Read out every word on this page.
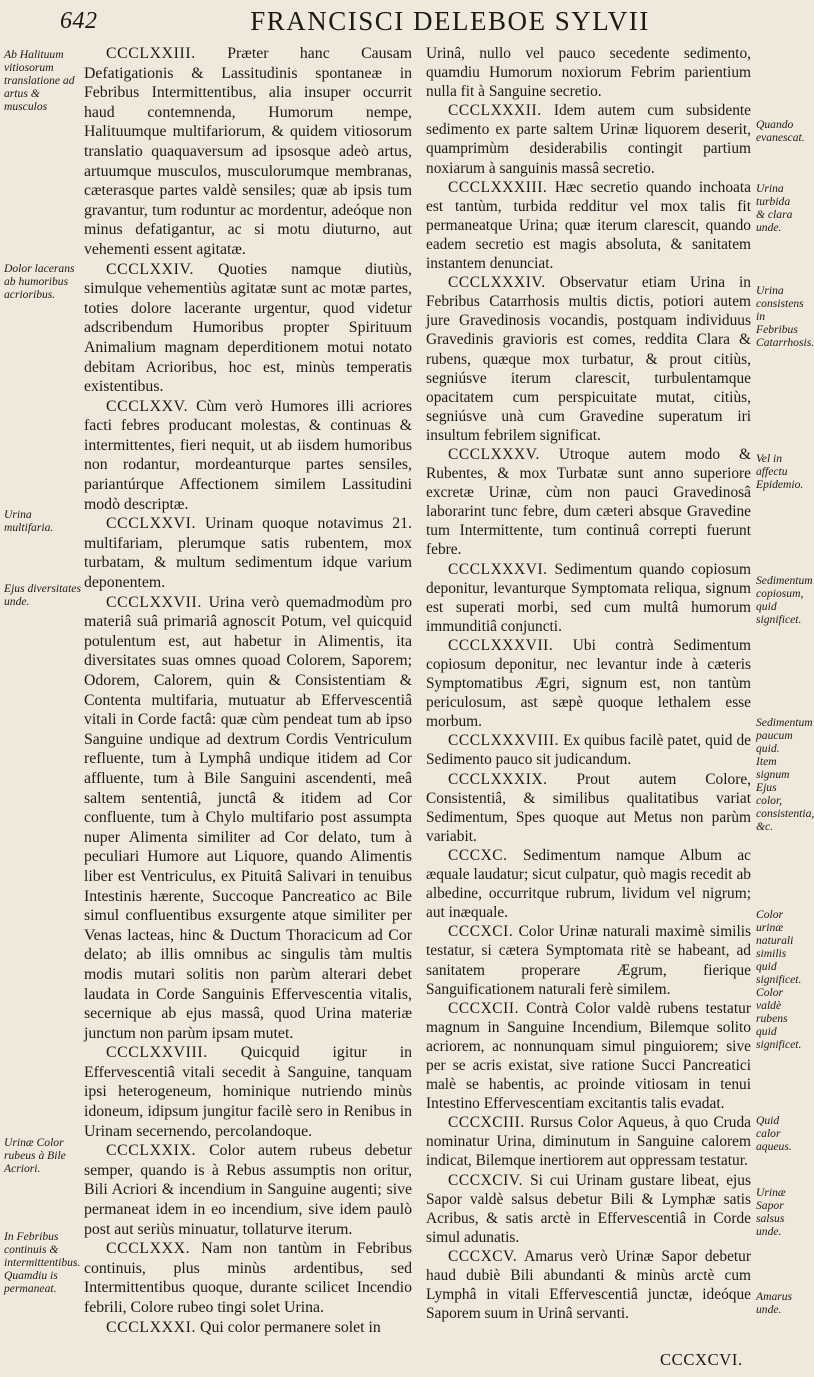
642	FRANCISCI DELEBOE SYLVII

CCCLXXIII. Præter hanc Causam Defatigationis & Lassitudinis spontaneæ in Febribus Intermittentibus, alia insuper occurrit haud contemnenda, Humorum nempe, Halituumque multifariorum, & quidem vitiosorum translatio quaquaversum ad ipsosque adeò artus, artuumque musculos, musculorumque membranas, cæterasque partes valdè sensiles; quæ ab ipsis tum gravantur, tum roduntur ac mordentur, adeóque non minus defatigantur, ac si motu diuturno, aut vehementi essent agitatæ.

CCCLXXIV. Quoties namque diutiùs, simulque vehementiùs agitatæ sunt ac motæ partes, toties dolore lacerante urgentur, quod videtur adscribendum Humoribus propter Spirituum Animalium magnam deperditionem motui notato debitam Acrioribus, hoc est, minùs temperatis existentibus.

CCCLXXV. Cùm verò Humores illi acriores facti febres producant molestas, & continuas & intermittentes, fieri nequit, ut ab iisdem humoribus non rodantur, mordeanturque partes sensiles, pariantúrque Affectionem similem Lassitudini modò descriptæ.

CCCLXXVI. Urinam quoque notavimus 21. multifariam, plerumque satis rubentem, mox turbatam, & multum sedimentum idque varium deponentem.

CCCLXXVII. Urina verò quemadmodùm pro materiâ suâ primariâ agnoscit Potum, vel quicquid potulentum est, aut habetur in Alimentis, ita diversitates suas omnes quoad Colorem, Saporem; Odorem, Calorem, quin & Consistentiam & Contenta multifaria, mutuatur ab Effervescentiâ vitali in Corde factâ: quæ cùm pendeat tum ab ipso Sanguine undique ad dextrum Cordis Ventriculum refluente, tum à Lymphâ undique itidem ad Cor affluente, tum à Bile Sanguini ascendenti, meâ saltem sententiâ, junctâ & itidem ad Cor confluente, tum à Chylo multifario post assumpta nuper Alimenta similiter ad Cor delato, tum à peculiari Humore aut Liquore, quando Alimentis liber est Ventriculus, ex Pituitâ Salivari in tenuibus Intestinis hærente, Succoque Pancreatico ac Bile simul confluentibus exsurgente atque similiter per Venas lacteas, hinc & Ductum Thoracicum ad Cor delato; ab illis omnibus ac singulis tàm multis modis mutari solitis non parùm alterari debet laudata in Corde Sanguinis Effervescentia vitalis, secernique ab ejus massâ, quod Urina materiæ junctum non parùm ipsam mutet.

CCCLXXVIII. Quicquid igitur in Effervescentiâ vitali secedit à Sanguine, tanquam ipsi heterogeneum, hominique nutriendo minùs idoneum, idipsum jungitur facilè sero in Renibus in Urinam secernendo, percolandoque.

CCCLXXIX. Color autem rubeus debetur semper, quando is à Rebus assumptis non oritur, Bili Acriori & incendium in Sanguine augenti; sive permaneat idem in eo incendium, sive idem paulò post aut seriùs minuatur, tollaturve iterum.

CCCLXXX. Nam non tantùm in Febribus continuis, plus minùs ardentibus, sed Intermittentibus quoque, durante scilicet Incendio febrili, Colore rubeo tingi solet Urina.

CCCLXXXI. Qui color permanere solet in

Urinâ, nullo vel pauco secedente sedimento, quamdiu Humorum noxiorum Febrim parientium nulla fit à Sanguine secretio.

CCCLXXXII. Idem autem cum subsidente sedimento ex parte saltem Urinæ liquorem deserit, quamprimùm desiderabilis contingit partium noxiarum à sanguinis massâ secretio.

CCCLXXXIII. Hæc secretio quando inchoata est tantùm, turbida redditur vel mox talis fit permaneatque Urina; quæ iterum clarescit, quando eadem secretio est magis absoluta, & sanitatem instantem denunciat.

CCCLXXXIV. Observatur etiam Urina in Febribus Catarrhosis multis dictis, potiori autem jure Gravedinosis vocandis, postquam individuus Gravedinis gravioris est comes, reddita Clara & rubens, quæque mox turbatur, & prout citiùs, segniúsve iterum clarescit, turbulentamque opacitatem cum perspicuitate mutat, citiùs, segniúsve unà cum Gravedine superatum iri insultum febrilem significat.

CCCLXXXV. Utroque autem modo & Rubentes, & mox Turbatæ sunt anno superiore excretæ Urinæ, cùm non pauci Gravedinosâ laborarint tunc febre, dum cæteri absque Gravedine tum Intermittente, tum continuâ correpti fuerunt febre.

CCCLXXXVI. Sedimentum quando copiosum deponitur, levanturque Symptomata reliqua, signum est superati morbi, sed cum multâ humorum immunditiâ conjuncti.

CCCLXXXVII. Ubi contrà Sedimentum copiosum deponitur, nec levantur inde à cæteris Symptomatibus Ægri, signum est, non tantùm periculosum, ast sæpè quoque lethalem esse morbum.

CCCLXXXVIII. Ex quibus facilè patet, quid de Sedimento pauco sit judicandum.

CCCLXXXIX. Prout autem Colore, Consistentiâ, & similibus qualitatibus variat Sedimentum, Spes quoque aut Metus non parùm variabit.

CCCXC. Sedimentum namque Album ac æquale laudatur; sicut culpatur, quò magis recedit ab albedine, occurritque rubrum, lividum vel nigrum; aut inæquale.

CCCXCI. Color Urinæ naturali maximè similis testatur, si cætera Symptomata ritè se habeant, ad sanitatem properare Ægrum, fierique Sanguificationem naturali ferè similem.

CCCXCII. Contrà Color valdè rubens testatur magnum in Sanguine Incendium, Bilemque solito acriorem, ac nonnunquam simul pinguiorem; sive per se acris existat, sive ratione Succi Pancreatici malè se habentis, ac proinde vitiosam in tenui Intestino Effervescentiam excitantis talis evadat.

CCCXCIII. Rursus Color Aqueus, à quo Cruda nominatur Urina, diminutum in Sanguine calorem indicat, Bilemque inertiorem aut oppressam testatur.

CCCXCIV. Si cui Urinam gustare libeat, ejus Sapor valdè salsus debetur Bili & Lymphæ satis Acribus, & satis arctè in Effervescentiâ in Corde simul adunatis.

CCCXCV. Amarus verò Urinæ Sapor debetur haud dubiè Bili abundanti & minùs arctè cum Lymphâ in vitali Effervescentiâ junctæ, ideóque Saporem suum in Urinâ servanti.

Ab Halituum vitiosorum translatione ad artus & musculos
Dolor lacerans ab humoribus acrioribus.
Urina multifaria.
Ejus diversitates unde.
Urinæ Color rubeus à Bile Acriori.
In Febribus continuis & intermittentibus. Quamdiu is permaneat.
Quando evanescat.
Urina turbida & clara unde.
Urina consistens in Febribus Catarrhosis.
Vel in affectu Epidemio.
Sedimentum copiosum, quid significet.
Sedimentum paucum quid. Item signum Ejus color, consistentia, &c.
Color urinæ naturali similis quid significet. Color valdè rubens quid significet.
Quid calor aqueus.
Urinæ Sapor salsus unde.
Amarus unde.
CCCXCVI.
